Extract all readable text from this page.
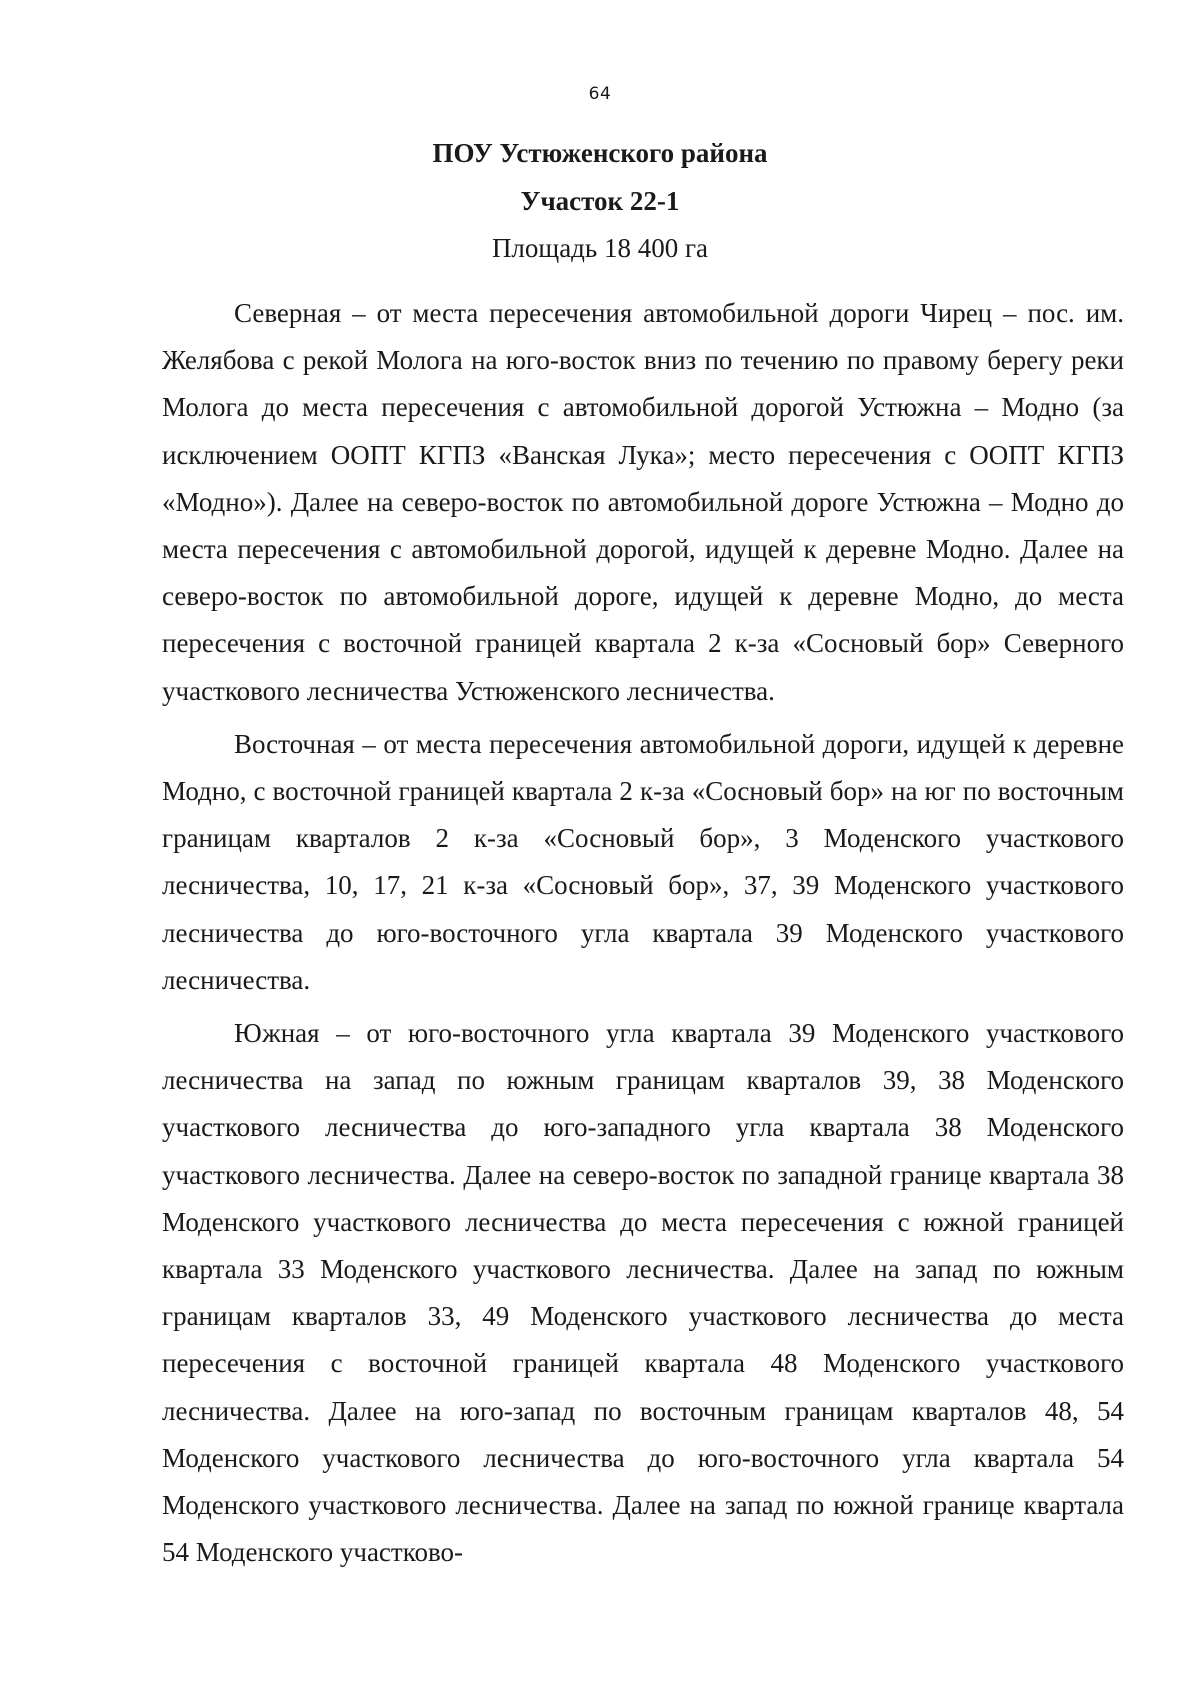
64
ПОУ Устюженского района
Участок 22-1
Площадь 18 400 га

Северная – от места пересечения автомобильной дороги Чирец – пос. им. Желябова с рекой Молога на юго-восток вниз по течению по правому берегу реки Молога до места пересечения с автомобильной дорогой Устюжна – Модно (за исключением ООПТ КГПЗ «Ванская Лука»; место пересечения с ООПТ КГПЗ «Модно»). Далее на северо-восток по автомобильной дороге Устюжна – Модно до места пересечения с автомобильной дорогой, идущей к деревне Модно. Далее на северо-восток по автомобильной дороге, идущей к деревне Модно, до места пересечения с восточной границей квартала 2 к-за «Сосновый бор» Северного участкового лесничества Устюженского лесничества.

Восточная – от места пересечения автомобильной дороги, идущей к деревне Модно, с восточной границей квартала 2 к-за «Сосновый бор» на юг по восточным границам кварталов 2 к-за «Сосновый бор», 3 Моденского участкового лесничества, 10, 17, 21 к-за «Сосновый бор», 37, 39 Моденского участкового лесничества до юго-восточного угла квартала 39 Моденского участкового лесничества.

Южная – от юго-восточного угла квартала 39 Моденского участкового лесничества на запад по южным границам кварталов 39, 38 Моденского участкового лесничества до юго-западного угла квартала 38 Моденского участкового лесничества. Далее на северо-восток по западной границе квартала 38 Моденского участкового лесничества до места пересечения с южной границей квартала 33 Моденского участкового лесничества. Далее на запад по южным границам кварталов 33, 49 Моденского участкового лесничества до места пересечения с восточной границей квартала 48 Моденского участкового лесничества. Далее на юго-запад по восточным границам кварталов 48, 54 Моденского участкового лесничества до юго-восточного угла квартала 54 Моденского участкового лесничества. Далее на запад по южной границе квартала 54 Моденского участково-
